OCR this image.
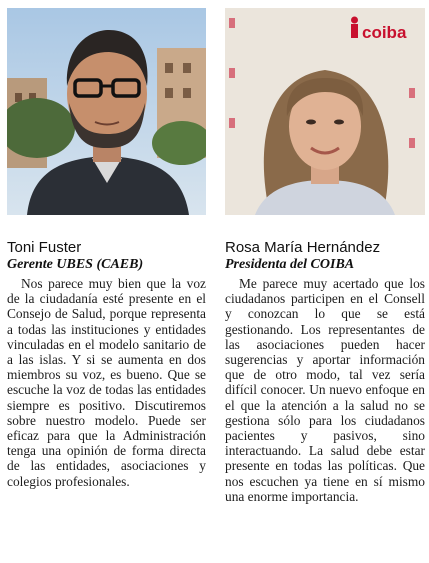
Toni Fuster
Gerente UBES (CAEB)
Nos parece muy bien que la voz de la ciudadanía esté presente en el Consejo de Salud, porque representa a todas las instituciones y entidades vinculadas en el modelo sanitario de a las islas. Y si se aumenta en dos miembros su voz, es bueno. Que se escuche la voz de todas las entidades siempre es positivo. Discutiremos sobre nuestro modelo. Puede ser eficaz para que la Administración tenga una opinión de forma directa de las entidades, asociaciones y colegios profesionales.
coiba
Rosa María Hernández
Presidenta del COIBA
Me parece muy acertado que los ciudadanos participen en el Consell y conozcan lo que se está gestionando. Los representantes de las asociaciones pueden hacer sugerencias y aportar información que de otro modo, tal vez sería difícil conocer. Un nuevo enfoque en el que la atención a la salud no se gestiona sólo para los ciudadanos pacientes y pasivos, sino interactuando. La salud debe estar presente en todas las políticas. Que nos escuchen ya tiene en sí mismo una enorme importancia.
